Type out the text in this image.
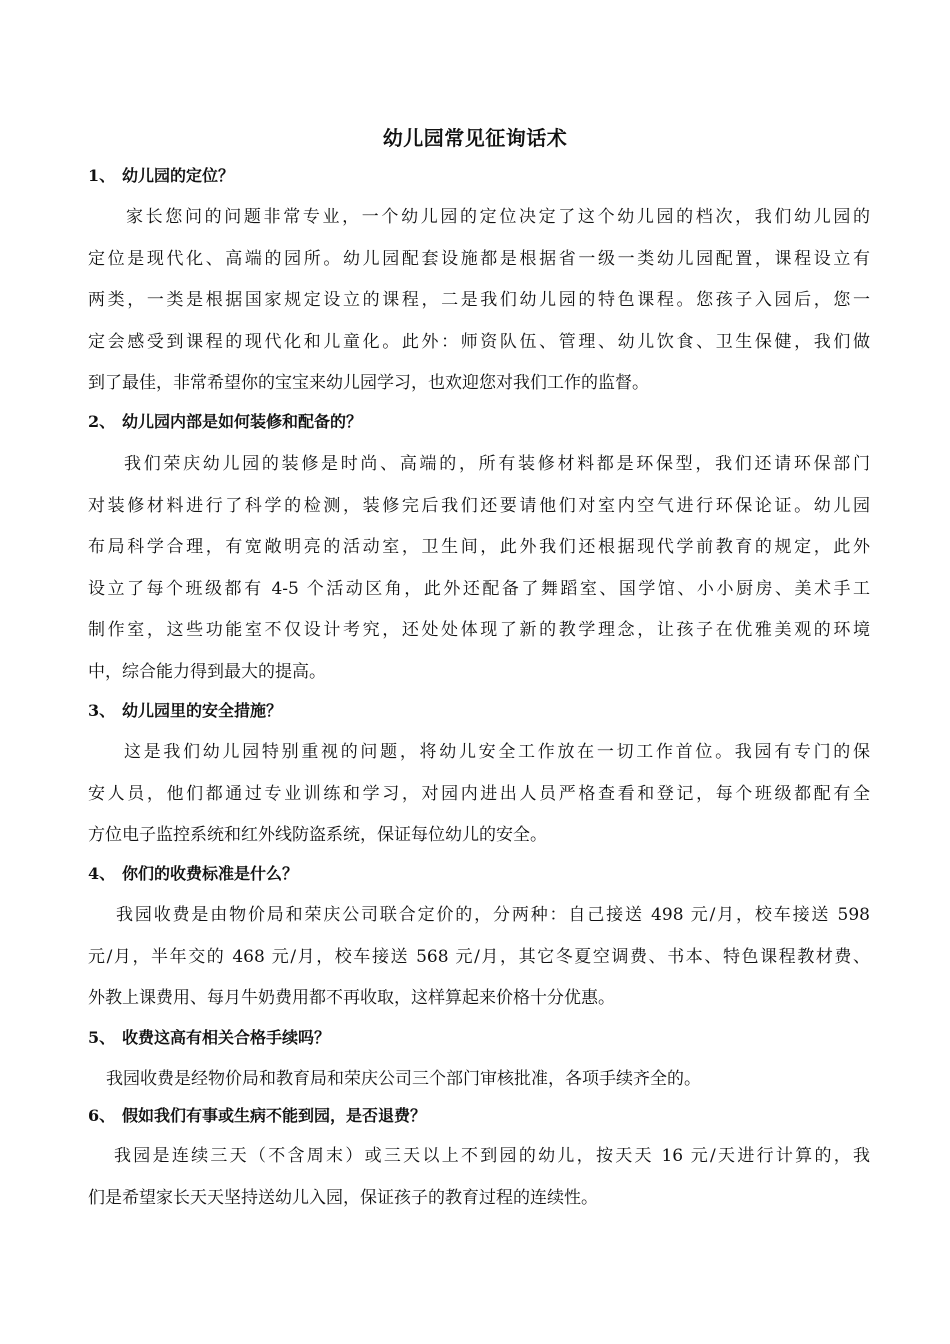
幼儿园常见征询话术
1、 幼儿园的定位？
家长您问的问题非常专业，一个幼儿园的定位决定了这个幼儿园的档次，我们幼儿园的
定位是现代化、高端的园所。幼儿园配套设施都是根据省一级一类幼儿园配置，课程设立有
两类，一类是根据国家规定设立的课程，二是我们幼儿园的特色课程。您孩子入园后，您一
定会感受到课程的现代化和儿童化。此外：师资队伍、管理、幼儿饮食、卫生保健，我们做
到了最佳，非常希望你的宝宝来幼儿园学习，也欢迎您对我们工作的监督。
2、 幼儿园内部是如何装修和配备的？
我们荣庆幼儿园的装修是时尚、高端的，所有装修材料都是环保型，我们还请环保部门
对装修材料进行了科学的检测，装修完后我们还要请他们对室内空气进行环保论证。幼儿园
布局科学合理，有宽敞明亮的活动室，卫生间，此外我们还根据现代学前教育的规定，此外
设立了每个班级都有 4-5 个活动区角，此外还配备了舞蹈室、国学馆、小小厨房、美术手工
制作室，这些功能室不仅设计考究，还处处体现了新的教学理念，让孩子在优雅美观的环境
中，综合能力得到最大的提高。
3、 幼儿园里的安全措施？
这是我们幼儿园特别重视的问题，将幼儿安全工作放在一切工作首位。我园有专门的保
安人员，他们都通过专业训练和学习，对园内进出人员严格查看和登记，每个班级都配有全
方位电子监控系统和红外线防盗系统，保证每位幼儿的安全。
4、 你们的收费标准是什么？
我园收费是由物价局和荣庆公司联合定价的，分两种：自己接送 498 元/月，校车接送 598
元/月，半年交的 468 元/月，校车接送 568 元/月，其它冬夏空调费、书本、特色课程教材费、
外教上课费用、每月牛奶费用都不再收取，这样算起来价格十分优惠。
5、 收费这高有相关合格手续吗？
我园收费是经物价局和教育局和荣庆公司三个部门审核批准，各项手续齐全的。
6、 假如我们有事或生病不能到园，是否退费？
我园是连续三天（不含周末）或三天以上不到园的幼儿，按天天 16 元/天进行计算的，我
们是希望家长天天坚持送幼儿入园，保证孩子的教育过程的连续性。
